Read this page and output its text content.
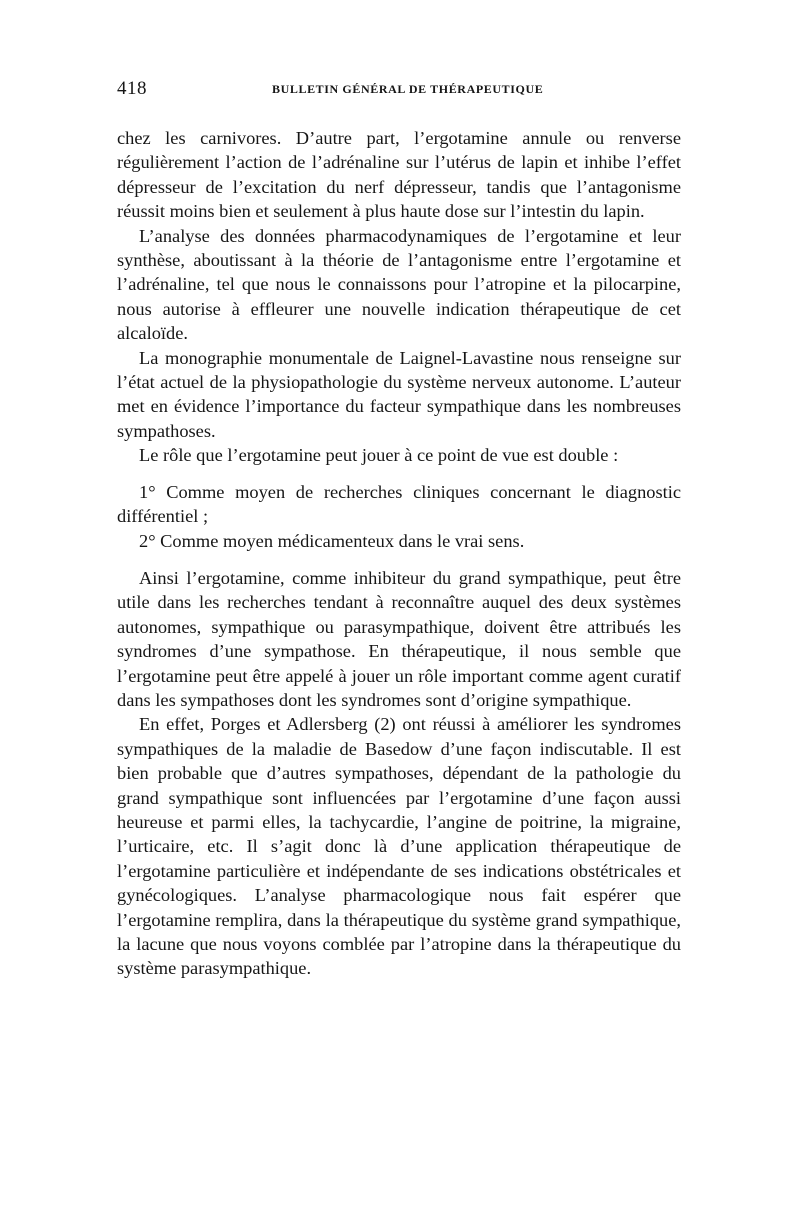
418	BULLETIN GÉNÉRAL DE THÉRAPEUTIQUE

chez les carnivores. D’autre part, l’ergotamine annule ou renverse régulièrement l’action de l’adrénaline sur l’utérus de lapin et inhibe l’effet dépresseur de l’excitation du nerf dépresseur, tandis que l’antagonisme réussit moins bien et seulement à plus haute dose sur l’intestin du lapin.

L’analyse des données pharmacodynamiques de l’ergotamine et leur synthèse, aboutissant à la théorie de l’antagonisme entre l’ergotamine et l’adrénaline, tel que nous le connaissons pour l’atropine et la pilocarpine, nous autorise à effleurer une nouvelle indication thérapeutique de cet alcaloïde.

La monographie monumentale de Laignel-Lavastine nous renseigne sur l’état actuel de la physiopathologie du système nerveux autonome. L’auteur met en évidence l’importance du facteur sympathique dans les nombreuses sympathoses.

Le rôle que l’ergotamine peut jouer à ce point de vue est double :

1° Comme moyen de recherches cliniques concernant le diagnostic différentiel ;

2° Comme moyen médicamenteux dans le vrai sens.

Ainsi l’ergotamine, comme inhibiteur du grand sympathique, peut être utile dans les recherches tendant à reconnaître auquel des deux systèmes autonomes, sympathique ou parasympathique, doivent être attribués les syndromes d’une sympathose. En thérapeutique, il nous semble que l’ergotamine peut être appelé à jouer un rôle important comme agent curatif dans les sympathoses dont les syndromes sont d’origine sympathique.

En effet, Porges et Adlersberg (2) ont réussi à améliorer les syndromes sympathiques de la maladie de Basedow d’une façon indiscutable. Il est bien probable que d’autres sympathoses, dépendant de la pathologie du grand sympathique sont influencées par l’ergotamine d’une façon aussi heureuse et parmi elles, la tachycardie, l’angine de poitrine, la migraine, l’urticaire, etc. Il s’agit donc là d’une application thérapeutique de l’ergotamine particulière et indépendante de ses indications obstétricales et gynécologiques. L’analyse pharmacologique nous fait espérer que l’ergotamine remplira, dans la thérapeutique du système grand sympathique, la lacune que nous voyons comblée par l’atropine dans la thérapeutique du système parasympathique.
